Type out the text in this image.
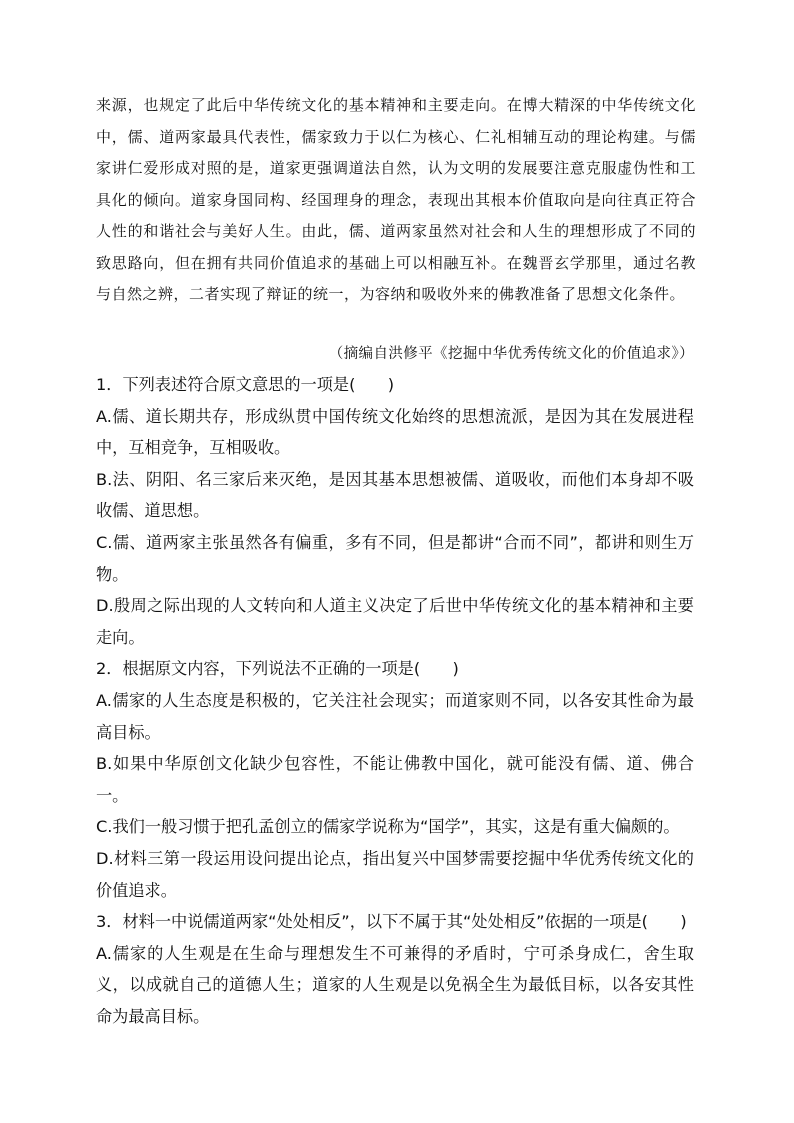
来源，也规定了此后中华传统文化的基本精神和主要走向。在博大精深的中华传统文化中，儒、道两家最具代表性，儒家致力于以仁为核心、仁礼相辅互动的理论构建。与儒家讲仁爱形成对照的是，道家更强调道法自然，认为文明的发展要注意克服虚伪性和工具化的倾向。道家身国同构、经国理身的理念，表现出其根本价值取向是向往真正符合人性的和谐社会与美好人生。由此，儒、道两家虽然对社会和人生的理想形成了不同的致思路向，但在拥有共同价值追求的基础上可以相融互补。在魏晋玄学那里，通过名教与自然之辨，二者实现了辩证的统一，为容纳和吸收外来的佛教准备了思想文化条件。

（摘编自洪修平《挖掘中华优秀传统文化的价值追求》）

1．下列表述符合原文意思的一项是(　　)

A.儒、道长期共存，形成纵贯中国传统文化始终的思想流派，是因为其在发展进程中，互相竞争，互相吸收。

B.法、阴阳、名三家后来灭绝，是因其基本思想被儒、道吸收，而他们本身却不吸收儒、道思想。

C.儒、道两家主张虽然各有偏重，多有不同，但是都讲“合而不同”，都讲和则生万物。

D.殷周之际出现的人文转向和人道主义决定了后世中华传统文化的基本精神和主要走向。

2．根据原文内容，下列说法不正确的一项是(　　)

A.儒家的人生态度是积极的，它关注社会现实；而道家则不同，以各安其性命为最高目标。

B.如果中华原创文化缺少包容性，不能让佛教中国化，就可能没有儒、道、佛合一。

C.我们一般习惯于把孔孟创立的儒家学说称为“国学”，其实，这是有重大偏颇的。

D.材料三第一段运用设问提出论点，指出复兴中国梦需要挖掘中华优秀传统文化的价值追求。

3．材料一中说儒道两家“处处相反”，以下不属于其“处处相反”依据的一项是(　　)

A.儒家的人生观是在生命与理想发生不可兼得的矛盾时，宁可杀身成仁，舍生取义，以成就自己的道德人生；道家的人生观是以免祸全生为最低目标，以各安其性命为最高目标。
